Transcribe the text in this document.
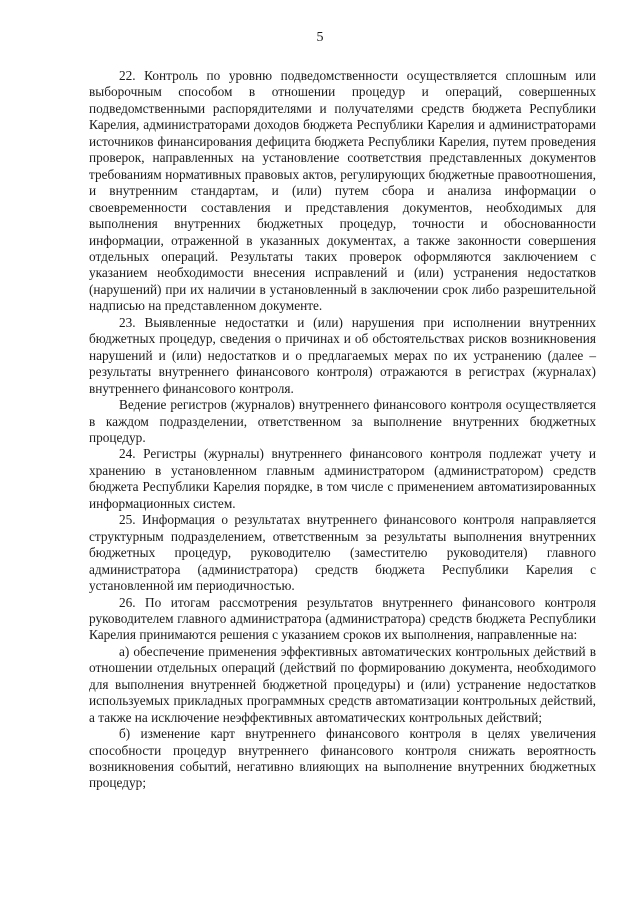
5

22. Контроль по уровню подведомственности осуществляется сплошным или выборочным способом в отношении процедур и операций, совершенных подведомственными распорядителями и получателями средств бюджета Республики Карелия, администраторами доходов бюджета Республики Карелия и администраторами источников финансирования дефицита бюджета Республики Карелия, путем проведения проверок, направленных на установление соответствия представленных документов требованиям нормативных правовых актов, регулирующих бюджетные правоотношения, и внутренним стандартам, и (или) путем сбора и анализа информации о своевременности составления и представления документов, необходимых для выполнения внутренних бюджетных процедур, точности и обоснованности информации, отраженной в указанных документах, а также законности совершения отдельных операций. Результаты таких проверок оформляются заключением с указанием необходимости внесения исправлений и (или) устранения недостатков (нарушений) при их наличии в установленный в заключении срок либо разрешительной надписью на представленном документе.

23. Выявленные недостатки и (или) нарушения при исполнении внутренних бюджетных процедур, сведения о причинах и об обстоятельствах рисков возникновения нарушений и (или) недостатков и о предлагаемых мерах по их устранению (далее – результаты внутреннего финансового контроля) отражаются в регистрах (журналах) внутреннего финансового контроля.

Ведение регистров (журналов) внутреннего финансового контроля осуществляется в каждом подразделении, ответственном за выполнение внутренних бюджетных процедур.

24. Регистры (журналы) внутреннего финансового контроля подлежат учету и хранению в установленном главным администратором (администратором) средств бюджета Республики Карелия порядке, в том числе с применением автоматизированных информационных систем.

25. Информация о результатах внутреннего финансового контроля направляется структурным подразделением, ответственным за результаты выполнения внутренних бюджетных процедур, руководителю (заместителю руководителя) главного администратора (администратора) средств бюджета Республики Карелия с установленной им периодичностью.

26. По итогам рассмотрения результатов внутреннего финансового контроля руководителем главного администратора (администратора) средств бюджета Республики Карелия принимаются решения с указанием сроков их выполнения, направленные на:

а) обеспечение применения эффективных автоматических контрольных действий в отношении отдельных операций (действий по формированию документа, необходимого для выполнения внутренней бюджетной процедуры) и (или) устранение недостатков используемых прикладных программных средств автоматизации контрольных действий, а также на исключение неэффективных автоматических контрольных действий;

б) изменение карт внутреннего финансового контроля в целях увеличения способности процедур внутреннего финансового контроля снижать вероятность возникновения событий, негативно влияющих на выполнение внутренних бюджетных процедур;
